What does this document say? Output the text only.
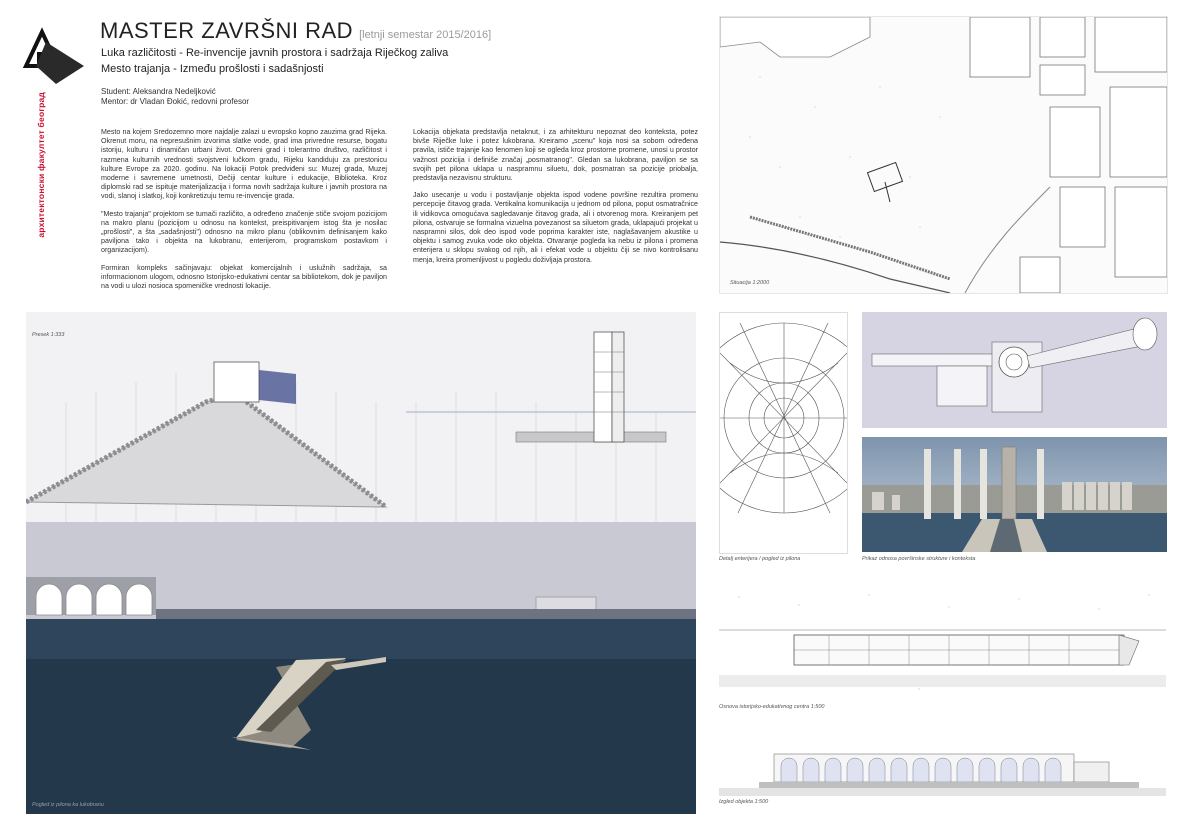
архитектонски факултет београд
MASTER ZAVRŠNI RAD [letnji semestar 2015/2016]
Luka različitosti - Re-invencije javnih prostora i sadržaja Riječkog zaliva
Mesto trajanja - Između prošlosti i sadašnjosti
Student: Aleksandra Nedeljković
Mentor: dr Vladan Đokić, redovni profesor

Mesto na kojem Sredozemno more najdalje zalazi u evropsko kopno zauzima grad Rijeka. Okrenut moru, na nepresušnim izvorima slatke vode, grad ima privredne resurse, bogatu istoriju, kulturu i dinamičan urbani život. Otvoreni grad i tolerantno društvo, različitost i razmena kulturnih vrednosti svojstveni lučkom gradu, Rijeku kandiduju za prestonicu kulture Evrope za 2020. godinu. Na lokaciji Potok predviđeni su: Muzej grada, Muzej moderne i savremene umetnosti, Dečiji centar kulture i edukacije, Biblioteka. Kroz diplomski rad se ispituje materijalizacija i forma novih sadržaja kulture i javnih prostora na vodi, slanoj i slatkoj, koji konkretizuju temu re-invencije grada.

"Mesto trajanja" projektom se tumači različito, a određeno značenje stiče svojom pozicijom na makro planu (pozicijom u odnosu na kontekst, preispitivanjem istog šta je nosilac „prošlosti", a šta „sadašnjosti") odnosno na mikro planu (oblikovnim definisanjem kako paviljona tako i objekta na lukobranu, enterijerom, programskom postavkom i organizacijom).

Formiran kompleks sačinjavaju: objekat komercijalnih i uslužnih sadržaja, sa informacionom ulogom, odnosno Istorijsko-edukativni centar sa bibliotekom, dok je paviljon na vodi u ulozi nosioca spomeničke vrednosti lokacije.

Lokacija objekata predstavlja netaknut, i za arhitekturu nepoznat deo konteksta, potez bivše Riječke luke i potez lukobrana. Kreiramo „scenu" koja nosi sa sobom određena pravila, ističe trajanje kao fenomen koji se ogleda kroz prostorne promene, unosi u prostor važnost pozicija i definiše značaj „posmatranog". Gledan sa lukobrana, paviljon se sa svojih pet pilona uklapa u naspramnu siluetu, dok, posmatran sa pozicije priobalja, predstavlja nezavisnu strukturu.

Jako usecanje u vodu i postavljanje objekta ispod vodene površine rezultira promenu percepcije čitavog grada. Vertikalna komunikacija u jednom od pilona, poput osmatračnice ili vidikovca omogućava sagledavanje čitavog grada, ali i otvorenog mora. Kreiranjem pet pilona, ostvaruje se formalna vizuelna povezanost sa siluetom grada, uklapajući projekat u naspramni silos, dok deo ispod vode poprima karakter iste, naglašavanjem akustike u objektu i samog zvuka vode oko objekta. Otvaranje pogleda ka nebu iz pilona i promena enterijera u sklopu svakog od njih, ali i efekat vode u objektu čiji se nivo kontrolisanu menja, kreira promenljivost u pogledu doživljaja prostora.

Situacija 1:2000
Presek 1:333
Pogled iz pilona ka lukobranu
Detalj enterijera / pogled iz pilona	Prikaz odnosa površinske strukture i konteksta
Osnova istorijsko-edukativnog centra 1:500
Izgled objekta 1:500
